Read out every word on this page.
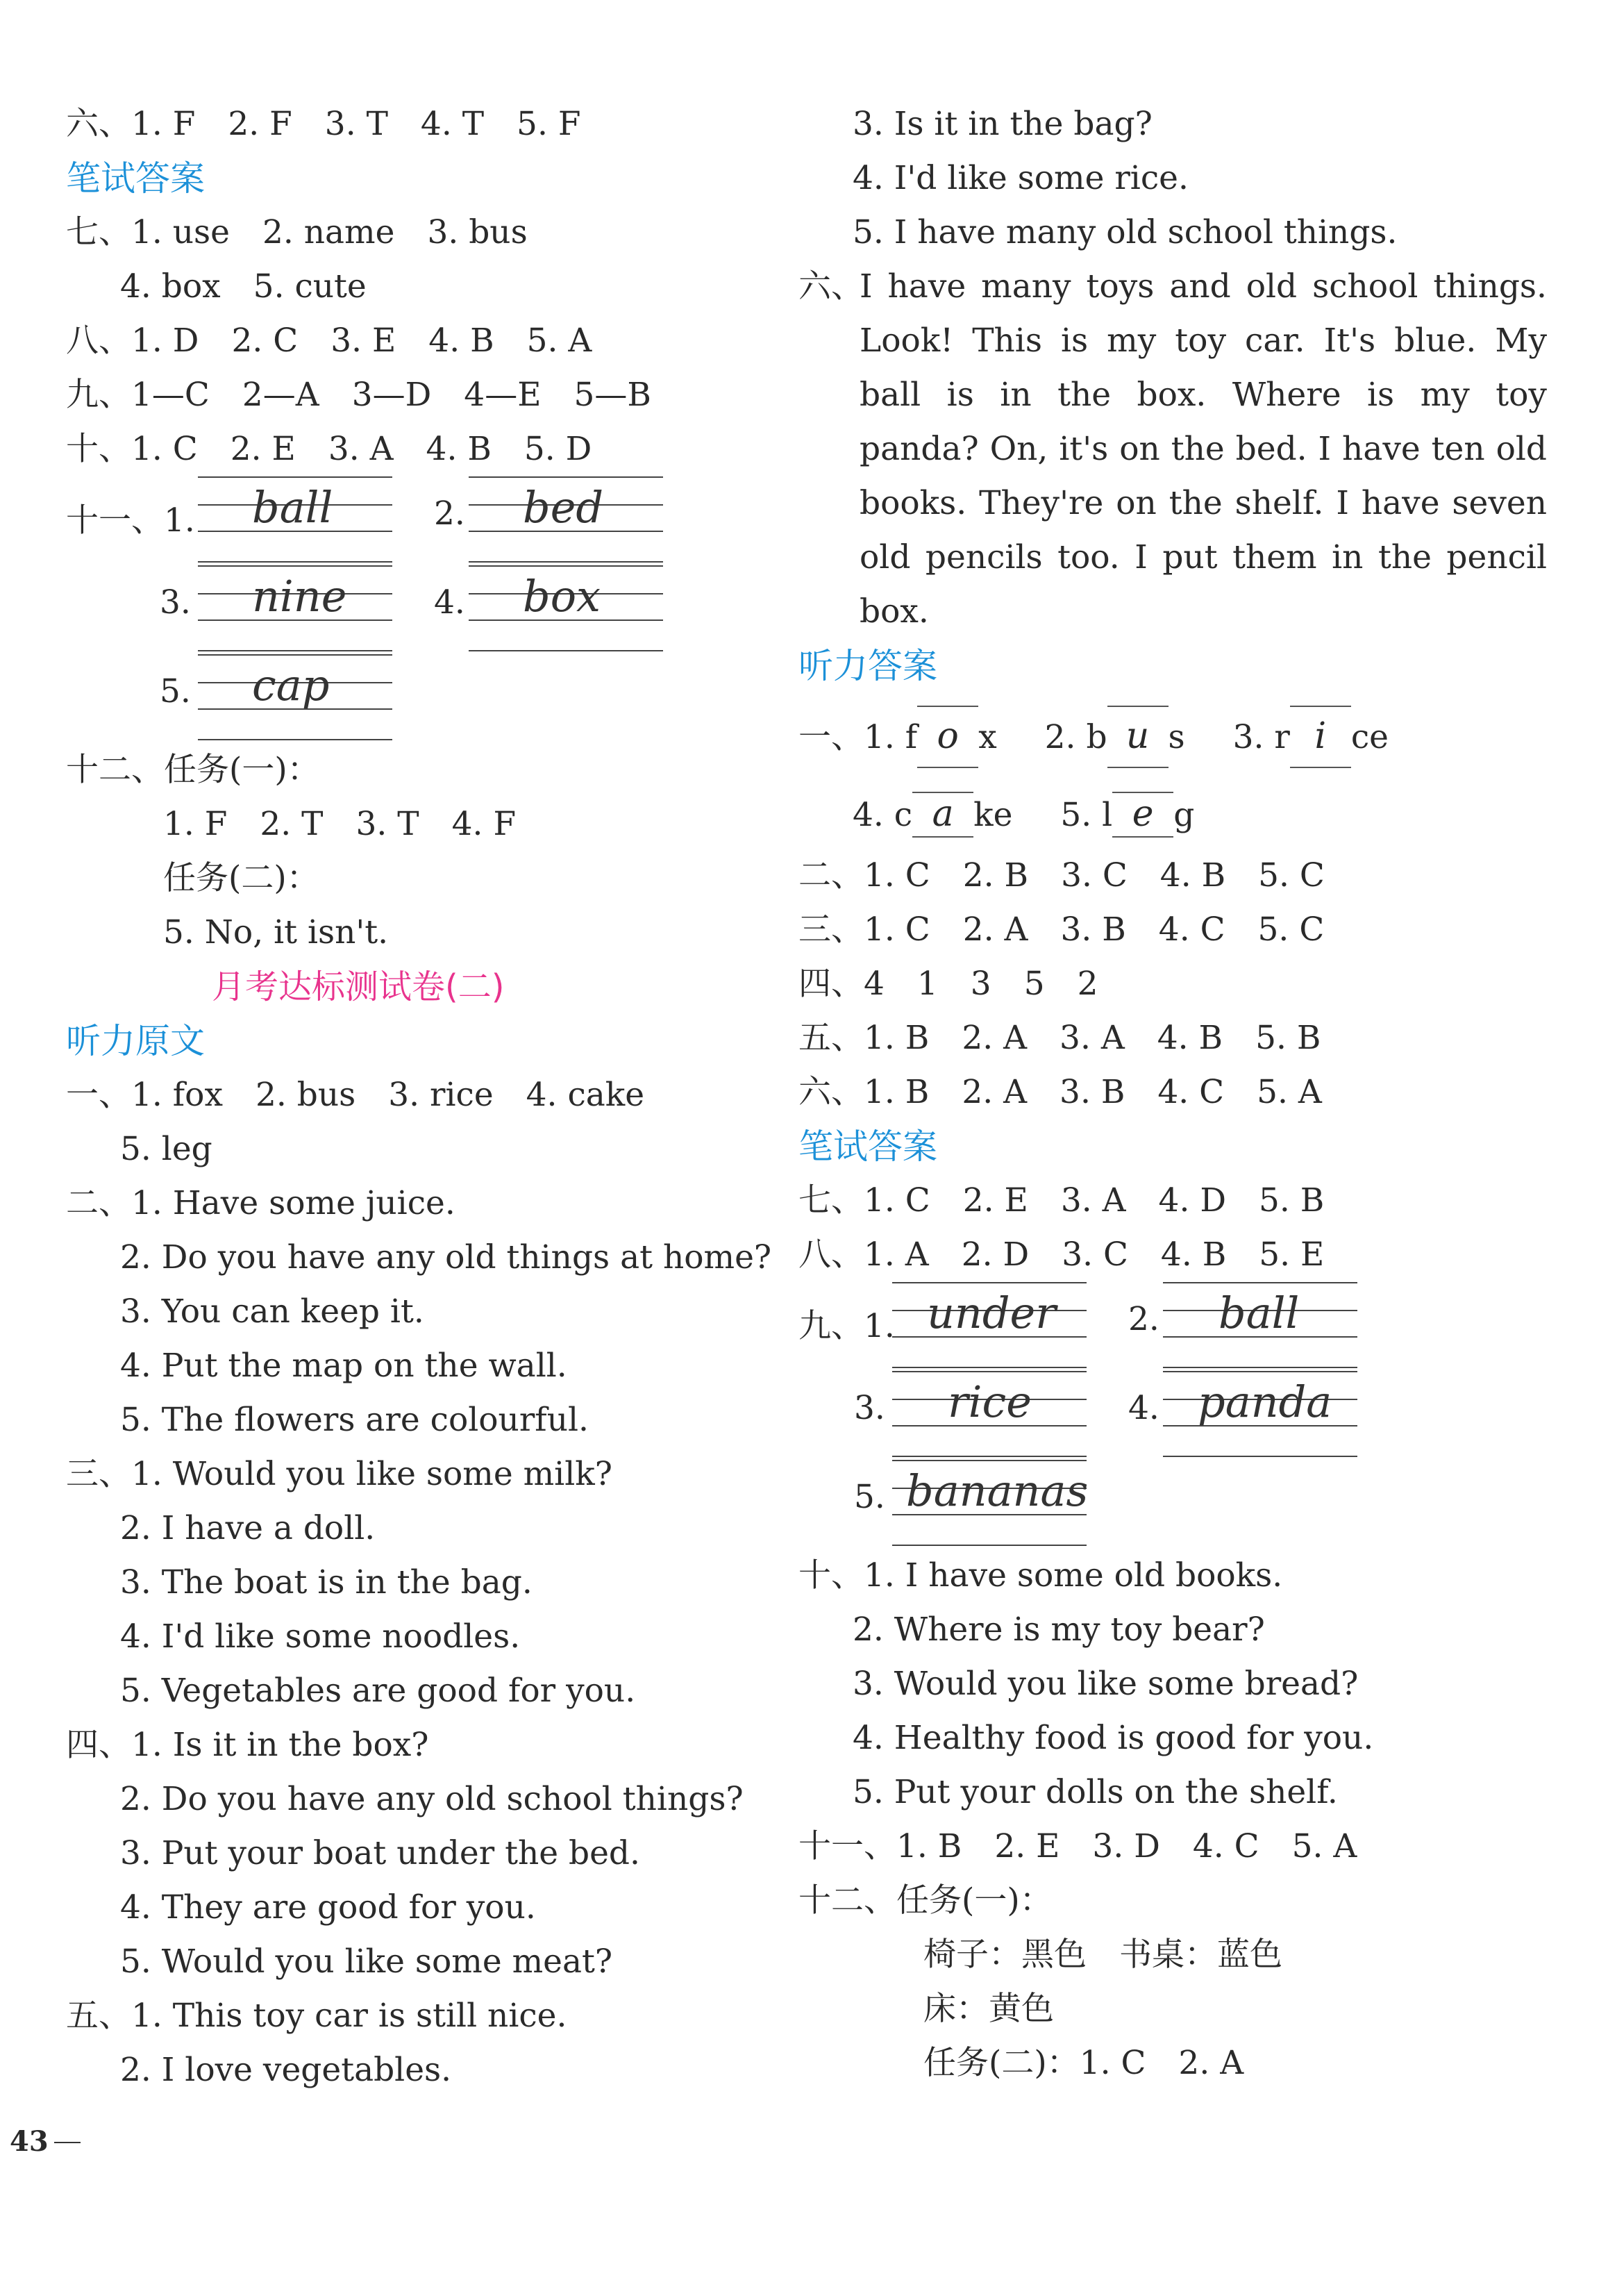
六、1. F　2. F　3. T　4. T　5. F
笔试答案
七、1. use　2. name　3. bus
4. box　5. cute
八、1. D　2. C　3. E　4. B　5. A
九、1—C　2—A　3—D　4—E　5—B
十、1. C　2. E　3. A　4. B　5. D
十一、1. ball	2. bed
3. nine	4. box
5. cap
十二、任务(一)：
1. F　2. T　3. T　4. F
任务(二)：
5. No, it isn't.
月考达标测试卷(二)
听力原文
一、1. fox　2. bus　3. rice　4. cake
5. leg
二、1. Have some juice.
2. Do you have any old things at home?
3. You can keep it.
4. Put the map on the wall.
5. The flowers are colourful.
三、1. Would you like some milk?
2. I have a doll.
3. The boat is in the bag.
4. I'd like some noodles.
5. Vegetables are good for you.
四、1. Is it in the box?
2. Do you have any old school things?
3. Put your boat under the bed.
4. They are good for you.
5. Would you like some meat?
五、1. This toy car is still nice.
2. I love vegetables.
3. Is it in the bag?
4. I'd like some rice.
5. I have many old school things.
六、
I have many toys and old school things. Look! This is my toy car. It's blue. My ball is in the box. Where is my toy panda? On, it's on the bed. I have ten old books. They're on the shelf. I have seven old pencils too. I put them in the pencil box.
听力答案
一、1. f o x 2. b u s 3. r i ce
4. c a ke 5. l e g
二、1. C　2. B　3. C　4. B　5. C
三、1. C　2. A　3. B　4. C　5. C
四、4　1　3　5　2
五、1. B　2. A　3. A　4. B　5. B
六、1. B　2. A　3. B　4. C　5. A
笔试答案
七、1. C　2. E　3. A　4. D　5. B
八、1. A　2. D　3. C　4. B　5. E
九、1. under 2. ball
3. rice	4. panda
5. bananas
十、1. I have some old books.
2. Where is my toy bear?
3. Would you like some bread?
4. Healthy food is good for you.
5. Put your dolls on the shelf.
十一、1. B　2. E　3. D　4. C　5. A
十二、任务(一)：
椅子：黑色　书桌：蓝色
床：黄色
任务(二)：1. C　2. A
43
